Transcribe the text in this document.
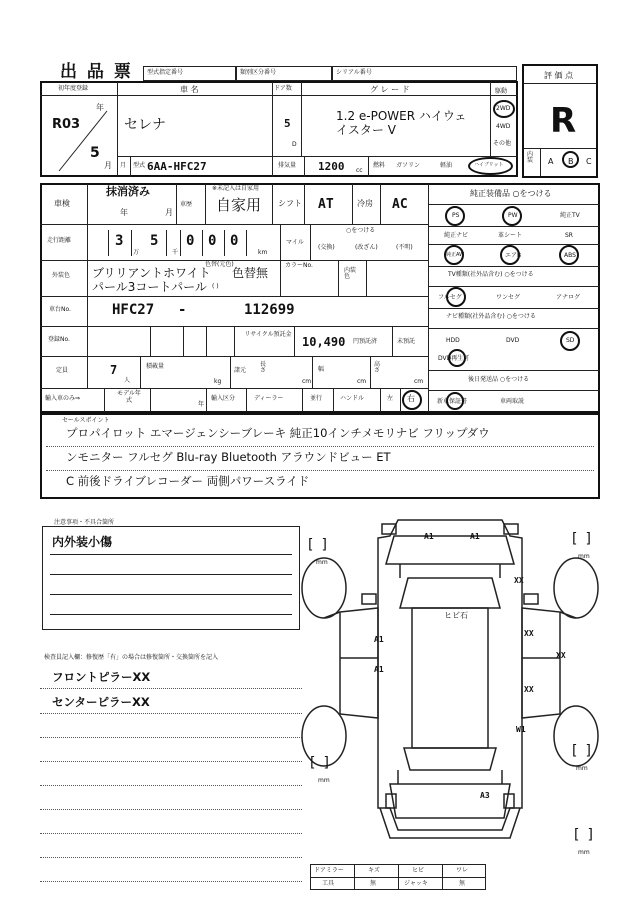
出 品 票 型式指定番号	類別区分番号	シリアル番号	評 価 点
R
内装	A B C
初年度登録
R03
年
5
月
車 名
セレナ
ドア数
5
D
グ レ ー ド
1.2 e-POWER ハイウェ
イスター V
駆動
2WD
4WD
その他
月 型式 6AA-HFC27	排気量 1200 cc
燃料 ガソリン	軽油	ハイブリット
車検
抹消済み
年	月
車歴
※未記入は自家用
自家用 シフト AT	冷房 AC
走行距離	3
万
5
千
0 0 0
km
マイル
○をつける
(交換)	(改ざん)	(不明)
外装色
色替(元色)
ブリリアントホワイト 色替無
パール3コートパール ( )
カラーNo.
内装色
車台No.	HFC27 -	112699
登録No.
リサイクル預託金
10,490 円預託済	未預託
定員	7
人
積載量
kg
諸元
長さ
cm
幅
cm
高さ
cm
輸入車のみ⇒
モデル年式
年
輸入区分	ディーラー	並行	ハンドル	左 右
純正装備品 ○をつける
PS	PW	純正TV
純正ナビ	革シート	SR
純正AW	エアB	ABS
TV種類(社外品含む) ○をつける
フルセグ	ワンセグ	アナログ
ナビ種類(社外品含む) ○をつける
HDD	DVD	SD
DVD再生可
後日発送品 ○をつける
新車保証書	車両取説
セールスポイント
プロパイロット エマージェンシーブレーキ 純正10インチメモリナビ フリップダウ
ンモニター フルセグ Blu-ray Bluetooth アラウンドビュー ET
C 前後ドライブレコーダー 両側パワースライド
注意事項・不具合箇所
内外装小傷
検査員記入欄：修復歴「有」の場合は修復箇所・交換箇所を記入
フロントピラーXX
センターピラーXX
A1	A1
XX
ヒビ石
A1
XX
XX
A1
XX
W1
A3
[]
mm
[]
mm
[]
mm
[]
mm
[]
mm
ドアミラー	キズ	ヒビ	ワレ
工具	無	ジャッキ	無
